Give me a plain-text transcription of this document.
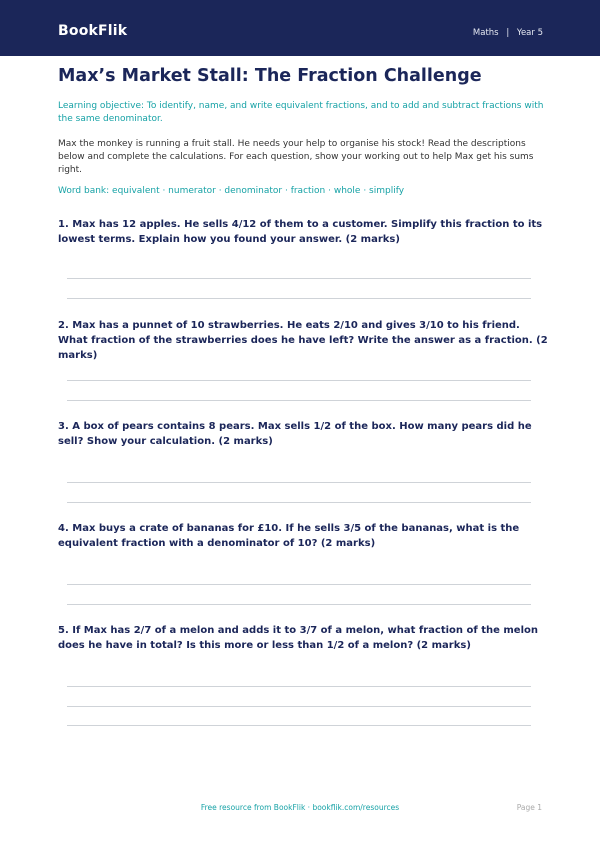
BookFlik	Maths | Year 5
Max’s Market Stall: The Fraction Challenge
Learning objective: To identify, name, and write equivalent fractions, and to add and subtract fractions with the same denominator.
Max the monkey is running a fruit stall. He needs your help to organise his stock! Read the descriptions below and complete the calculations. For each question, show your working out to help Max get his sums right.
Word bank: equivalent · numerator · denominator · fraction · whole · simplify
1. Max has 12 apples. He sells 4/12 of them to a customer. Simplify this fraction to its lowest terms. Explain how you found your answer. (2 marks)
2. Max has a punnet of 10 strawberries. He eats 2/10 and gives 3/10 to his friend. What fraction of the strawberries does he have left? Write the answer as a fraction. (2 marks)
3. A box of pears contains 8 pears. Max sells 1/2 of the box. How many pears did he sell? Show your calculation. (2 marks)
4. Max buys a crate of bananas for £10. If he sells 3/5 of the bananas, what is the equivalent fraction with a denominator of 10? (2 marks)
5. If Max has 2/7 of a melon and adds it to 3/7 of a melon, what fraction of the melon does he have in total? Is this more or less than 1/2 of a melon? (2 marks)
Free resource from BookFlik · bookflik.com/resources	Page 1
